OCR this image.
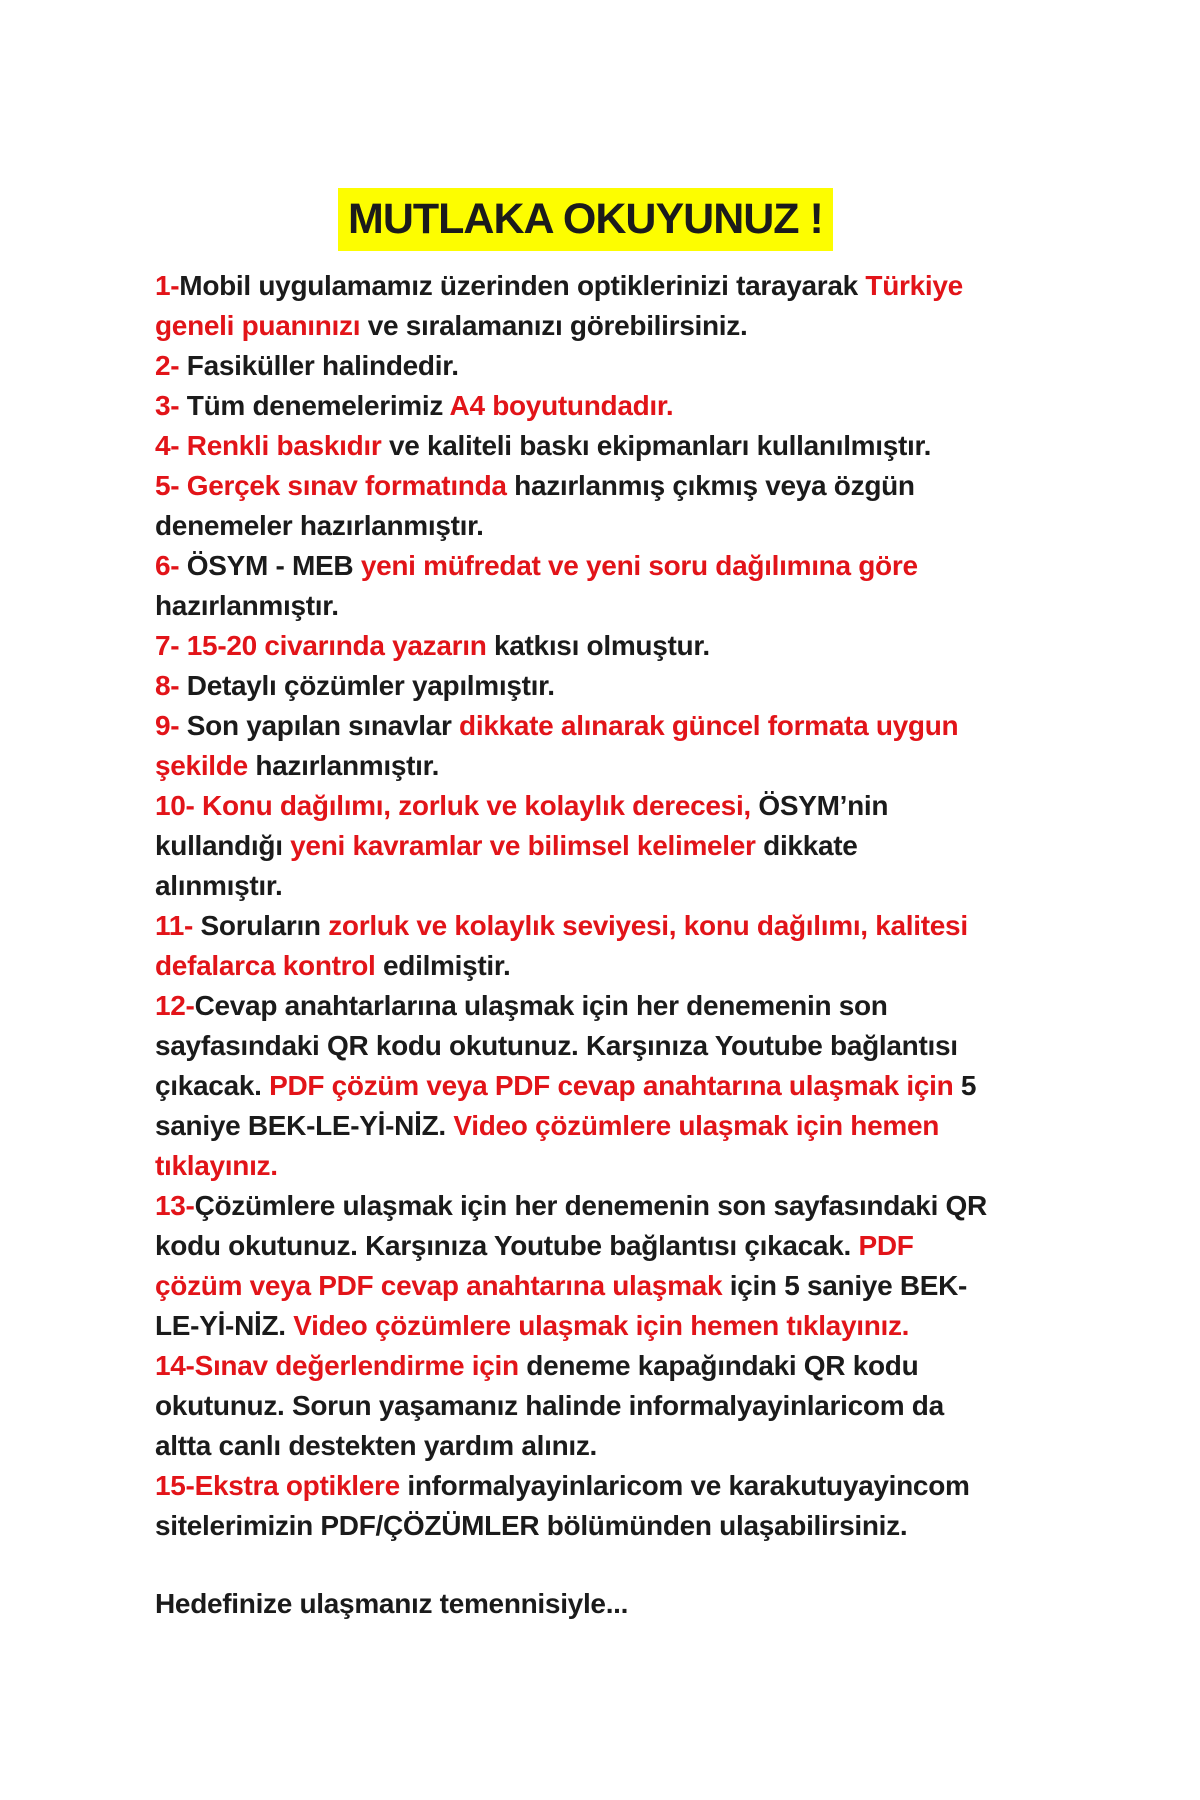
MUTLAKA OKUYUNUZ !
1-Mobil uygulamamız üzerinden optiklerinizi tarayarak Türkiye
geneli puanınızı ve sıralamanızı görebilirsiniz.
2- Fasiküller halindedir.
3- Tüm denemelerimiz A4 boyutundadır.
4- Renkli baskıdır ve kaliteli baskı ekipmanları kullanılmıştır.
5- Gerçek sınav formatında hazırlanmış çıkmış veya özgün
denemeler hazırlanmıştır.
6- ÖSYM - MEB yeni müfredat ve yeni soru dağılımına göre
hazırlanmıştır.
7- 15-20 civarında yazarın katkısı olmuştur.
8- Detaylı çözümler yapılmıştır.
9- Son yapılan sınavlar dikkate alınarak güncel formata uygun
şekilde hazırlanmıştır.
10- Konu dağılımı, zorluk ve kolaylık derecesi, ÖSYM’nin
kullandığı yeni kavramlar ve bilimsel kelimeler dikkate
alınmıştır.
11- Soruların zorluk ve kolaylık seviyesi, konu dağılımı, kalitesi
defalarca kontrol edilmiştir.
12-Cevap anahtarlarına ulaşmak için her denemenin son
sayfasındaki QR kodu okutunuz. Karşınıza Youtube bağlantısı
çıkacak. PDF çözüm veya PDF cevap anahtarına ulaşmak için 5
saniye BEK-LE-Yİ-NİZ. Video çözümlere ulaşmak için hemen
tıklayınız.
13-Çözümlere ulaşmak için her denemenin son sayfasındaki QR
kodu okutunuz. Karşınıza Youtube bağlantısı çıkacak. PDF
çözüm veya PDF cevap anahtarına ulaşmak için 5 saniye BEK-
LE-Yİ-NİZ. Video çözümlere ulaşmak için hemen tıklayınız.
14-Sınav değerlendirme için deneme kapağındaki QR kodu
okutunuz. Sorun yaşamanız halinde informalyayinlaricom da
altta canlı destekten yardım alınız.
15-Ekstra optiklere informalyayinlaricom ve karakutuyayincom
sitelerimizin PDF/ÇÖZÜMLER bölümünden ulaşabilirsiniz.

Hedefinize ulaşmanız temennisiyle...
